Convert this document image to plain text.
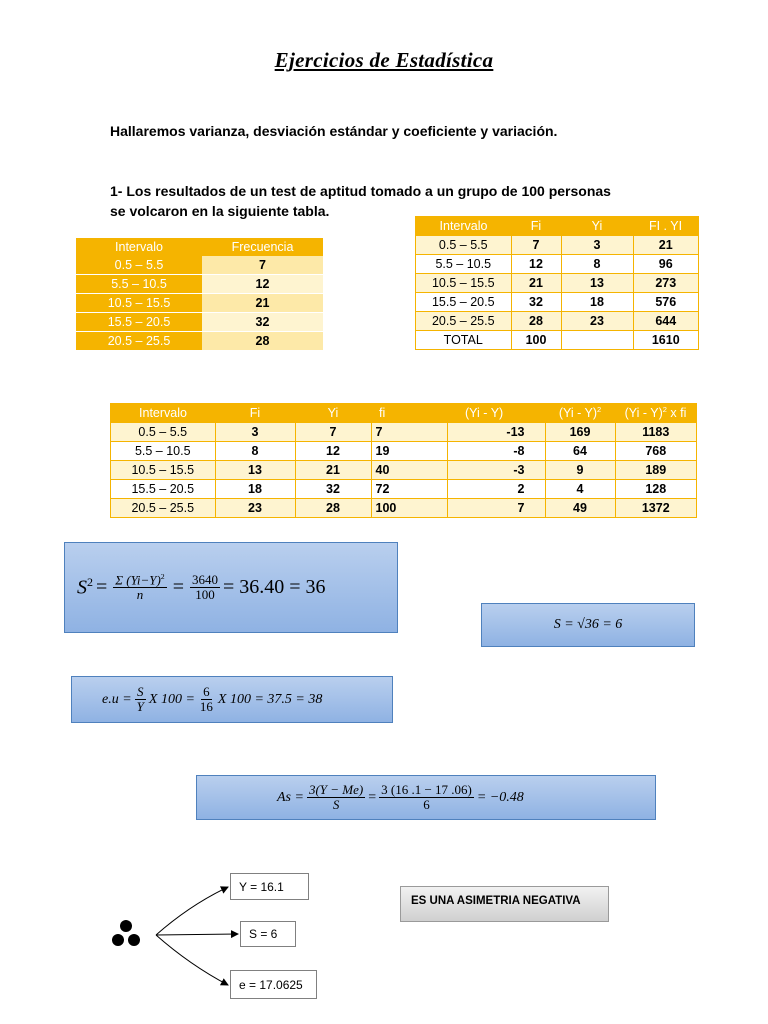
Ejercicios de Estadística
Hallaremos varianza, desviación estándar y coeficiente y variación.
1- Los resultados de un test de aptitud tomado a un grupo de 100 personas se volcaron en la siguiente tabla.
Intervalo	Frecuencia
0.5 – 5.5	7
5.5 – 10.5	12
10.5 – 15.5	21
15.5 – 20.5	32
20.5 – 25.5	28
Intervalo	Fi	Yi	FI . YI
0.5 – 5.5	7	3	21
5.5 – 10.5	12	8	96
10.5 – 15.5	21	13	273
15.5 – 20.5	32	18	576
20.5 – 25.5	28	23	644
TOTAL	100		1610
Intervalo	Fi	Yi	fi	(Yi - Y)	(Yi - Y)$^2$	(Yi - Y)$^2$ x fi
0.5 – 5.5	3	7	7	-13	169	1183
5.5 – 10.5	8	12	19	-8	64	768
10.5 – 15.5	13	21	40	-3	9	189
15.5 – 20.5	18	32	72	2	4	128
20.5 – 25.5	23	28	100	7	49	1372
$S^2 = \frac{\Sigma (Yi-Y)^2}{n} = \frac{3640}{100} = 36.40 = 36$
S = √36 = 6
$e.u = \frac{S}{Y}$ X $100 = \frac{6}{16}$ X 100 = 37.5 = 38
$As = \frac{3(Y - Me)}{S} = \frac{3 (16 .1 - 17 .06)}{6} = -0.48$
Y = 16.1
S = 6
e = 17.0625
ES UNA ASIMETRIA NEGATIVA
